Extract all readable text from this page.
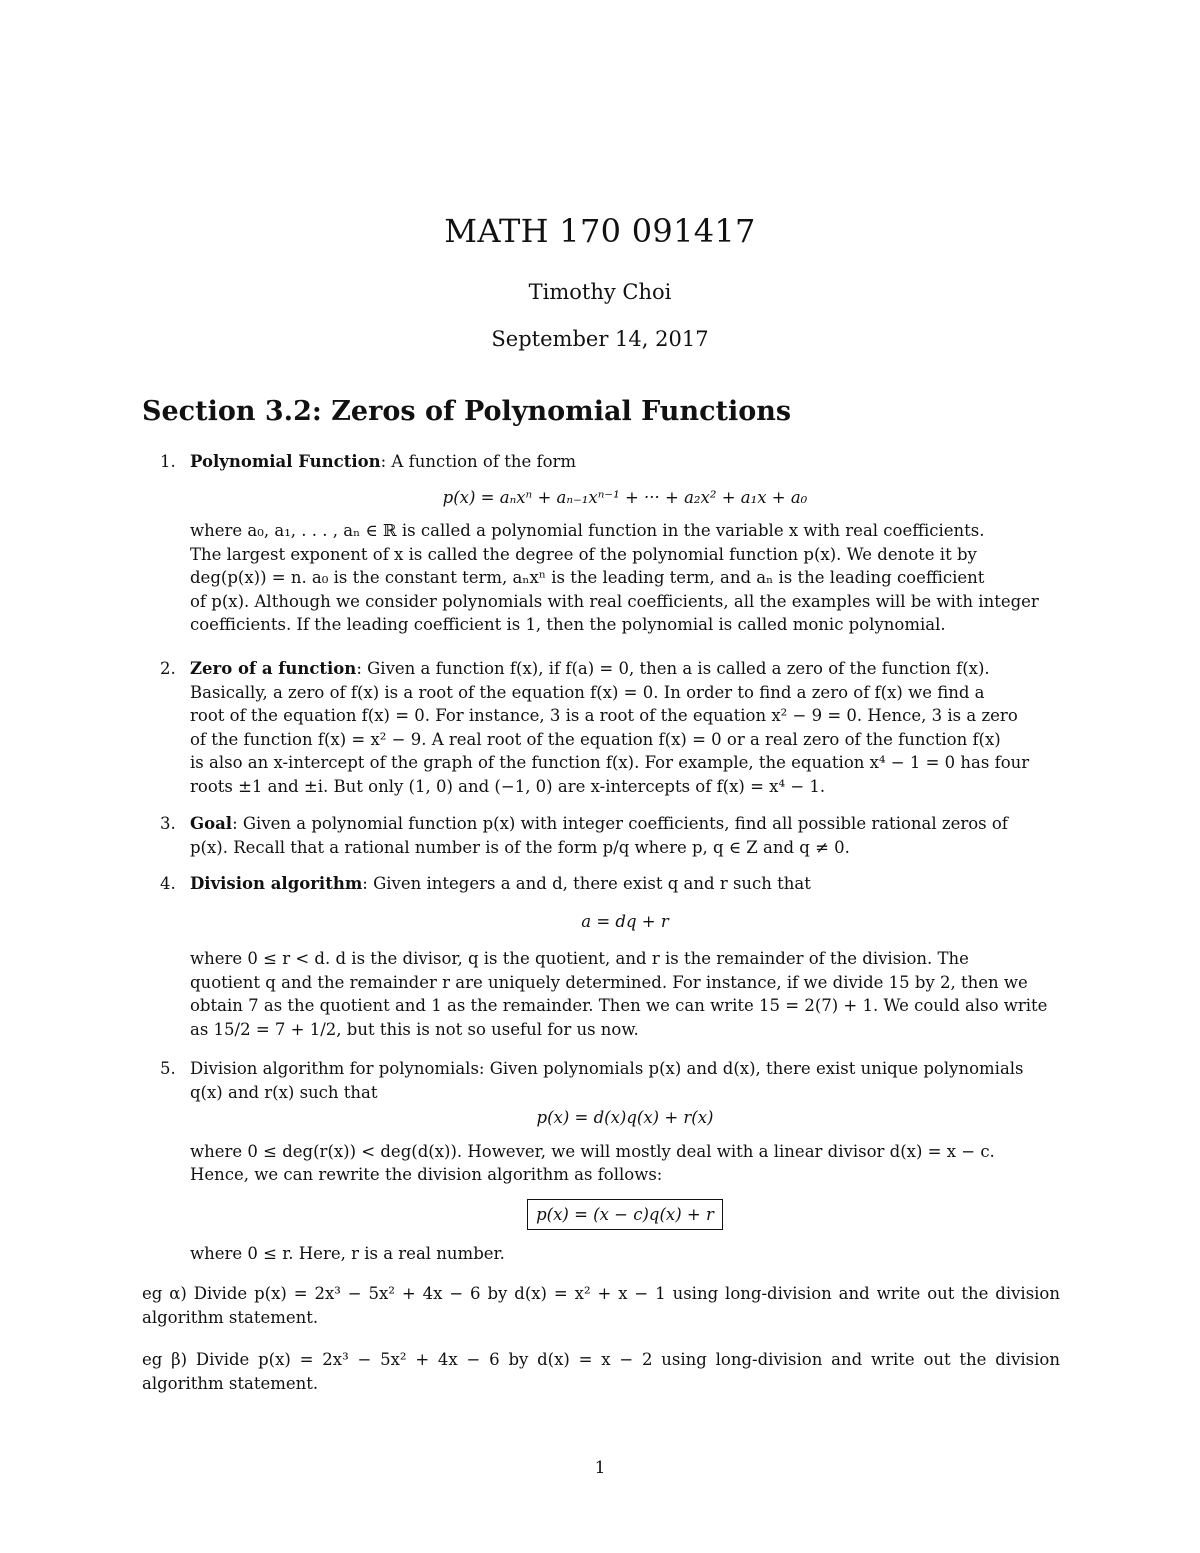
MATH 170 091417
Timothy Choi
September 14, 2017
Section 3.2: Zeros of Polynomial Functions
1. Polynomial Function: A function of the form

p(x) = aₙxⁿ + aₙ₋₁xⁿ⁻¹ + ··· + a₂x² + a₁x + a₀

where a₀, a₁, . . . , aₙ ∈ ℝ is called a polynomial function in the variable x with real coefficients.

The largest exponent of x is called the degree of the polynomial function p(x). We denote it by

deg(p(x)) = n. a₀ is the constant term, aₙxⁿ is the leading term, and aₙ is the leading coefficient

of p(x). Although we consider polynomials with real coefficients, all the examples will be with integer

coefficients. If the leading coefficient is 1, then the polynomial is called monic polynomial.

2. Zero of a function: Given a function f(x), if f(a) = 0, then a is called a zero of the function f(x).

Basically, a zero of f(x) is a root of the equation f(x) = 0. In order to find a zero of f(x) we find a

root of the equation f(x) = 0. For instance, 3 is a root of the equation x² − 9 = 0. Hence, 3 is a zero

of the function f(x) = x² − 9. A real root of the equation f(x) = 0 or a real zero of the function f(x)

is also an x-intercept of the graph of the function f(x). For example, the equation x⁴ − 1 = 0 has four

roots ±1 and ±i. But only (1, 0) and (−1, 0) are x-intercepts of f(x) = x⁴ − 1.

3. Goal: Given a polynomial function p(x) with integer coefficients, find all possible rational zeros of

p(x). Recall that a rational number is of the form p/q where p, q ∈ Z and q ≠ 0.

4. Division algorithm: Given integers a and d, there exist q and r such that

a = dq + r

where 0 ≤ r < d. d is the divisor, q is the quotient, and r is the remainder of the division. The

quotient q and the remainder r are uniquely determined. For instance, if we divide 15 by 2, then we

obtain 7 as the quotient and 1 as the remainder. Then we can write 15 = 2(7) + 1. We could also write

as 15/2 = 7 + 1/2, but this is not so useful for us now.

5. Division algorithm for polynomials: Given polynomials p(x) and d(x), there exist unique polynomials

q(x) and r(x) such that

p(x) = d(x)q(x) + r(x)

where 0 ≤ deg(r(x)) < deg(d(x)). However, we will mostly deal with a linear divisor d(x) = x − c.

Hence, we can rewrite the division algorithm as follows:

p(x) = (x − c)q(x) + r

where 0 ≤ r. Here, r is a real number.

eg α) Divide p(x) = 2x³ − 5x² + 4x − 6 by d(x) = x² + x − 1 using long-division and write out the division algorithm statement.
eg β) Divide p(x) = 2x³ − 5x² + 4x − 6 by d(x) = x − 2 using long-division and write out the division algorithm statement.
1
